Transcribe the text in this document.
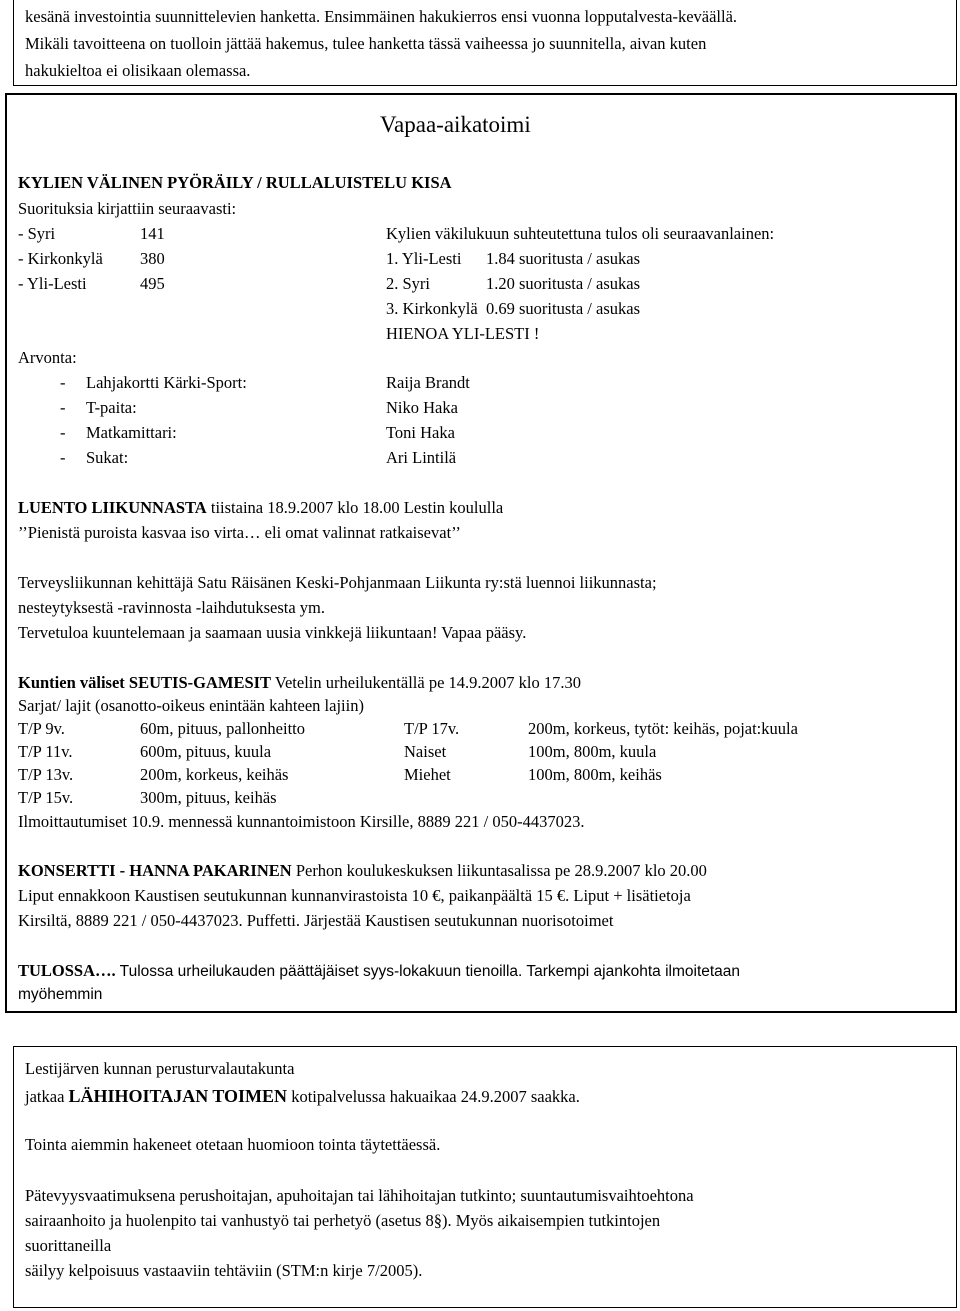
kesänä investointia suunnittelevien hanketta. Ensimmäinen hakukierros ensi vuonna lopputalvesta-keväällä.
Mikäli tavoitteena on tuolloin jättää hakemus, tulee hanketta tässä vaiheessa jo suunnitella, aivan kuten
hakukieltoa ei olisikaan olemassa.
Vapaa-aikatoimi
KYLIEN VÄLINEN PYÖRÄILY / RULLALUISTELU KISA
Suorituksia kirjattiin seuraavasti:
- Syri	141
- Kirkonkylä 380
- Yli-Lesti	495
Kylien väkilukuun suhteutettuna tulos oli seuraavanlainen:
1. Yli-Lesti 1.84 suoritusta / asukas
2. Syri	1.20 suoritusta / asukas
3. Kirkonkylä 0.69 suoritusta / asukas
HIENOA YLI-LESTI !
Arvonta:
- Lahjakortti Kärki-Sport:	Raija Brandt
- T-paita:	Niko Haka
- Matkamittari:	Toni Haka
- Sukat:	Ari Lintilä
LUENTO LIIKUNNASTA tiistaina 18.9.2007 klo 18.00 Lestin koululla
’’Pienistä puroista kasvaa iso virta… eli omat valinnat ratkaisevat’’
Terveysliikunnan kehittäjä Satu Räisänen Keski-Pohjanmaan Liikunta ry:stä luennoi liikunnasta;
nesteytyksestä -ravinnosta -laihdutuksesta ym.
Tervetuloa kuuntelemaan ja saamaan uusia vinkkejä liikuntaan! Vapaa pääsy.
Kuntien väliset SEUTIS-GAMESIT Vetelin urheilukentällä pe 14.9.2007 klo 17.30
Sarjat/ lajit (osanotto-oikeus enintään kahteen lajiin)
T/P 9v.	60m, pituus, pallonheitto	T/P 17v.	200m, korkeus, tytöt: keihäs, pojat:kuula
T/P 11v.	600m, pituus, kuula	Naiset	100m, 800m, kuula
T/P 13v.	200m, korkeus, keihäs	Miehet	100m, 800m, keihäs
T/P 15v.	300m, pituus, keihäs
Ilmoittautumiset 10.9. mennessä kunnantoimistoon Kirsille, 8889 221 / 050-4437023.
KONSERTTI - HANNA PAKARINEN Perhon koulukeskuksen liikuntasalissa pe 28.9.2007 klo 20.00
Liput ennakkoon Kaustisen seutukunnan kunnanvirastoista 10 €, paikanpäältä 15 €. Liput + lisätietoja
Kirsiltä, 8889 221 / 050-4437023. Puffetti. Järjestää Kaustisen seutukunnan nuorisotoimet
TULOSSA…. Tulossa urheilukauden päättäjäiset syys-lokakuun tienoilla. Tarkempi ajankohta ilmoitetaan
myöhemmin
Lestijärven kunnan perusturvalautakunta
jatkaa LÄHIHOITAJAN TOIMEN kotipalvelussa hakuaikaa 24.9.2007 saakka.
Tointa aiemmin hakeneet otetaan huomioon tointa täytettäessä.
Pätevyysvaatimuksena perushoitajan, apuhoitajan tai lähihoitajan tutkinto; suuntautumisvaihtoehtona
sairaanhoito ja huolenpito tai vanhustyö tai perhetyö (asetus 8§). Myös aikaisempien tutkintojen
suorittaneilla
säilyy kelpoisuus vastaaviin tehtäviin (STM:n kirje 7/2005).
